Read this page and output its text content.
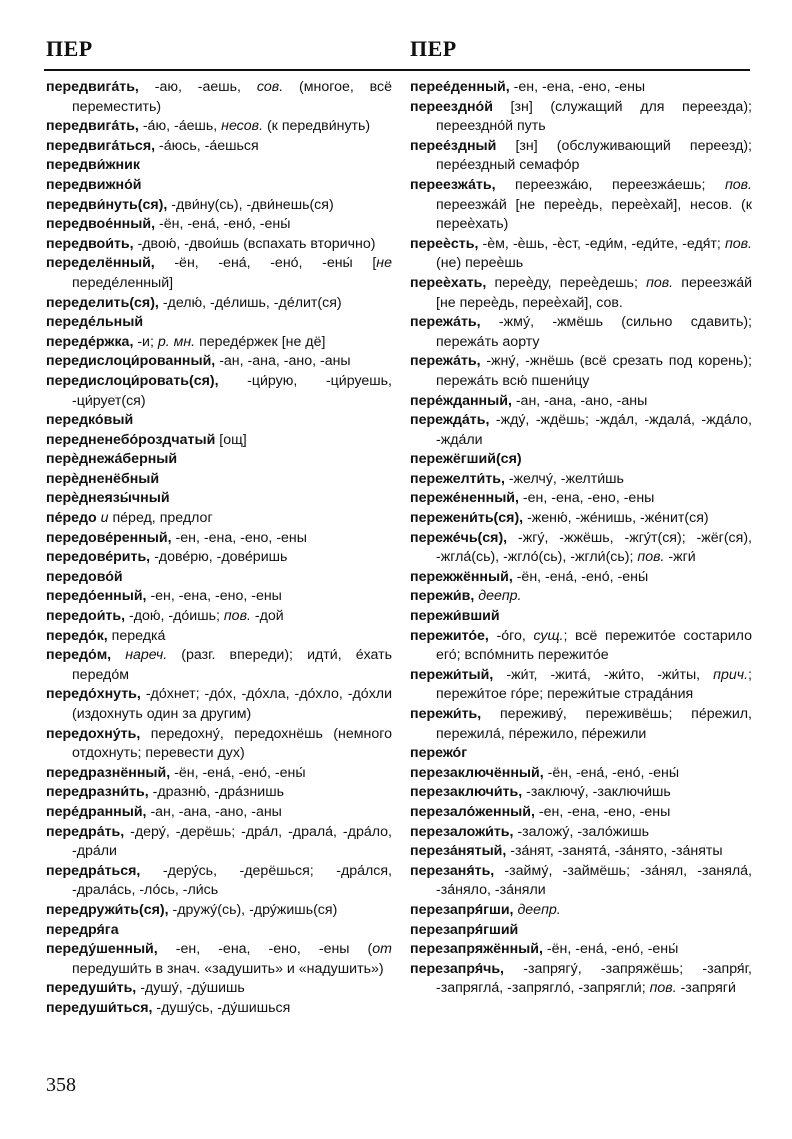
ПЕР	ПЕР
передвига́ть, -аю, -аешь, сов. (многое, всё переместить)
передвига́ть, -а́ю, -а́ешь, несов. (к передви́нуть)
передвига́ться, -а́юсь, -а́ешься
передви́жник
передвижно́й
передви́нуть(ся), -дви́ну(сь), -дви́нешь(ся)
передвое́нный, -ён, -ена́, -ено́, -ены́
передвои́ть, -двою́, -двои́шь (вспахать вторично)
переделённый, -ён, -ена́, -ено́, -ены́ [не переде́ленный]
переделить(ся), -делю́, -де́лишь, -де́лит(ся)
переде́льный
переде́ржка, -и; р. мн. переде́ржек [не дё]
передислоци́рованный, -ан, -ана, -ано, -аны
передислоци́ровать(ся), -ци́рую, -ци́руешь, -ци́рует(ся)
передко́вый
передненебо́роздчатый [ощ]
перѐднежа́берный
перѐдненёбный
перѐднеязы́чный
пе́редо и пе́ред, предлог
передове́ренный, -ен, -ена, -ено, -ены
передове́рить, -дове́рю, -дове́ришь
передово́й
передо́енный, -ен, -ена, -ено, -ены
передои́ть, -дою́, -до́ишь; пов. -дой
передо́к, передка́
передо́м, нареч. (разг. впереди); идти́, е́хать передо́м
передо́хнуть, -до́хнет; -до́х, -до́хла, -до́хло, -до́хли (издохнуть один за другим)
передохну́ть, передохну́, передохнёшь (немного отдохнуть; перевести дух)
передразнённый, -ён, -ена́, -ено́, -ены́
передразни́ть, -дразню́, -дра́знишь
пере́дранный, -ан, -ана, -ано, -аны
передра́ть, -деру́, -дерёшь; -дра́л, -драла́, -дра́ло, -дра́ли
передра́ться, -деру́сь, -дерёшься; -дра́лся, -драла́сь, -ло́сь, -ли́сь
передружи́ть(ся), -дружу́(сь), -дру́жишь(ся)
передря́га
переду́шенный, -ен, -ена, -ено, -ены (от передуши́ть в знач. «задушить» и «надушить»)
передуши́ть, -душу́, -ду́шишь
передуши́ться, -душу́сь, -ду́шишься
перее́денный, -ен, -ена, -ено, -ены
переездно́й [зн] (служащий для переезда); переездно́й путь
перее́здный [зн] (обслуживающий переезд); пере́ездный семафо́р
переезжа́ть, переезжа́ю, переезжа́ешь; пов. переезжа́й [не переѐдь, переѐхай], несов. (к переѐхать)
переѐсть, -ѐм, -ѐшь, -ѐст, -еди́м, -еди́те, -едя́т; пов. (не) переѐшь
переѐхать, переѐду, переѐдешь; пов. переезжа́й [не переѐдь, переѐхай], сов.
пережа́ть, -жму́, -жмёшь (сильно сдавить); пережа́ть аорту
пережа́ть, -жну́, -жнёшь (всё срезать под корень); пережа́ть всю́ пшени́цу
пере́жданный, -ан, -ана, -ано, -аны
пережда́ть, -жду́, -ждёшь; -жда́л, -ждала́, -жда́ло, -жда́ли
пережёгший(ся)
пережелти́ть, -желчу́, -желти́шь
переже́ненный, -ен, -ена, -ено, -ены
пережени́ть(ся), -женю́, -же́нишь, -же́нит(ся)
переже́чь(ся), -жгу́, -жжёшь, -жгу́т(ся); -жёг(ся), -жгла́(сь), -жгло́(сь), -жгли́(сь); пов. -жги́
пережжённый, -ён, -ена́, -ено́, -ены́
пережи́в, деепр.
пережи́вший
пережито́е, -о́го, сущ.; всё пережито́е состарило его́; вспо́мнить пережито́е
пережи́тый, -жи́т, -жита́, -жи́то, -жи́ты, прич.; пережи́тое го́ре; пережи́тые страда́ния
пережи́ть, переживу́, переживёшь; пе́режил, пережила́, пе́режило, пе́режили
пережо́г
перезаключённый, -ён, -ена́, -ено́, -ены́
перезаключи́ть, -заключу́, -заключи́шь
перезало́женный, -ен, -ена, -ено, -ены
перезаложи́ть, -заложу́, -зало́жишь
переза́нятый, -за́нят, -занята́, -за́нято, -за́няты
перезаня́ть, -займу́, -займёшь; -за́нял, -заняла́, -за́няло, -за́няли
перезапря́гши, деепр.
перезапря́гший
перезапряжённый, -ён, -ена́, -ено́, -ены́
перезапря́чь, -запрягу́, -запряжёшь; -запря́г, -запрягла́, -запрягло́, -запрягли́; пов. -запряги́
358
